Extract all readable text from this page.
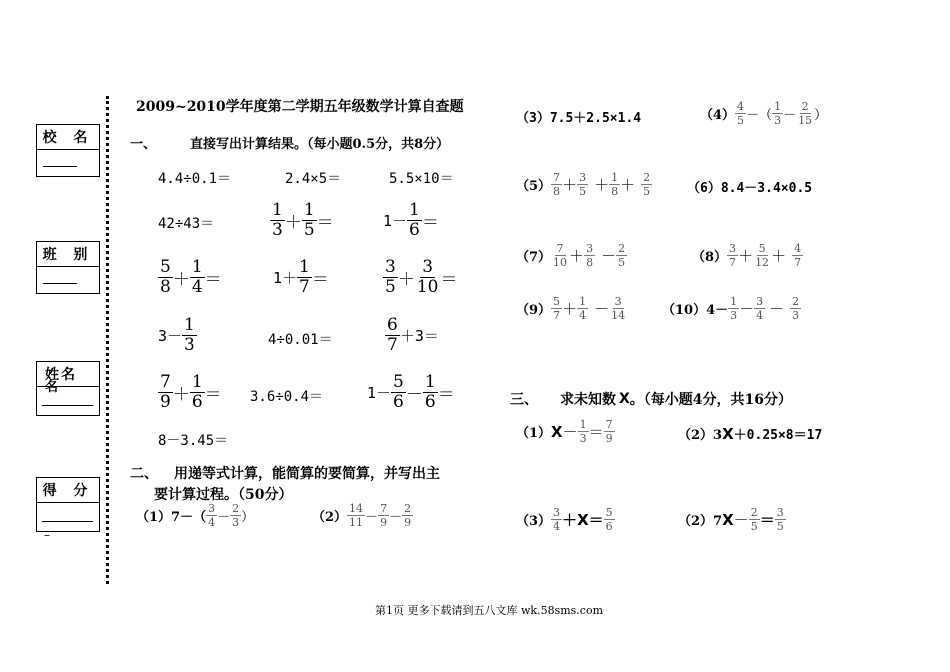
校 名
班 别
姓名
名
得 分
–
2009~2010学年度第二学期五年级数学计算自查题
一、	直接写出计算结果。（每小题0.5分，共8分）
4.4÷0.1＝	2.4×5＝	5.5×10＝
42÷43＝	$\frac{1}{3} + \frac{1}{5}$ ＝	$1- \frac{1}{6}$ ＝
$\frac{5}{8} + \frac{1}{4}$ ＝	$1+ \frac{1}{7}$ ＝	$\frac{3}{5} + \frac{3}{10}$ ＝
$3- \frac{1}{3}$	4÷0.01＝	$\frac{6}{7} +3=$
$\frac{7}{9} + \frac{1}{6} = 3.6\div 0.4=$	$1- \frac{5}{6} - \frac{1}{6}$ ＝
8－3.45＝
二、 用递等式计算，能简算的要简算，并写出主
要计算过程。（50分）
$(1)7-( \frac{3}{4} - \frac{2}{3}$ ）	$(2) \frac{14}{11} - \frac{7}{9} - \frac{2}{9}$
（3）7.5＋2.5×1.4	$(4) \frac{4}{5}$ －（ $\frac{1}{3} - \frac{2}{15}$ ）
$(5) \frac{7}{8} + \frac{3}{5} + \frac{1}{8} + \frac{2}{5}$	（6）8.4－3.4×0.5
$(7) \frac{7}{10} + \frac{3}{8} - \frac{2}{5}$	$(8) \frac{3}{7} + \frac{5}{12} + \frac{4}{7}$
$(9) \frac{5}{7} + \frac{1}{4} - \frac{3}{14}$	$(10)4- \frac{1}{3} - \frac{3}{4} - \frac{2}{3}$
三、 求未知数 X 。（每小题4分，共16分）
（1） $X - \frac{1}{3} = \frac{7}{9}$	（2）3 X ＋0.25×8＝17
$(3) \frac{3}{4} + X = \frac{5}{6}$	（2）7 $X - \frac{2}{5} = \frac{3}{5}$
第1页 更多下载请到五八文库 wk.58sms.com
